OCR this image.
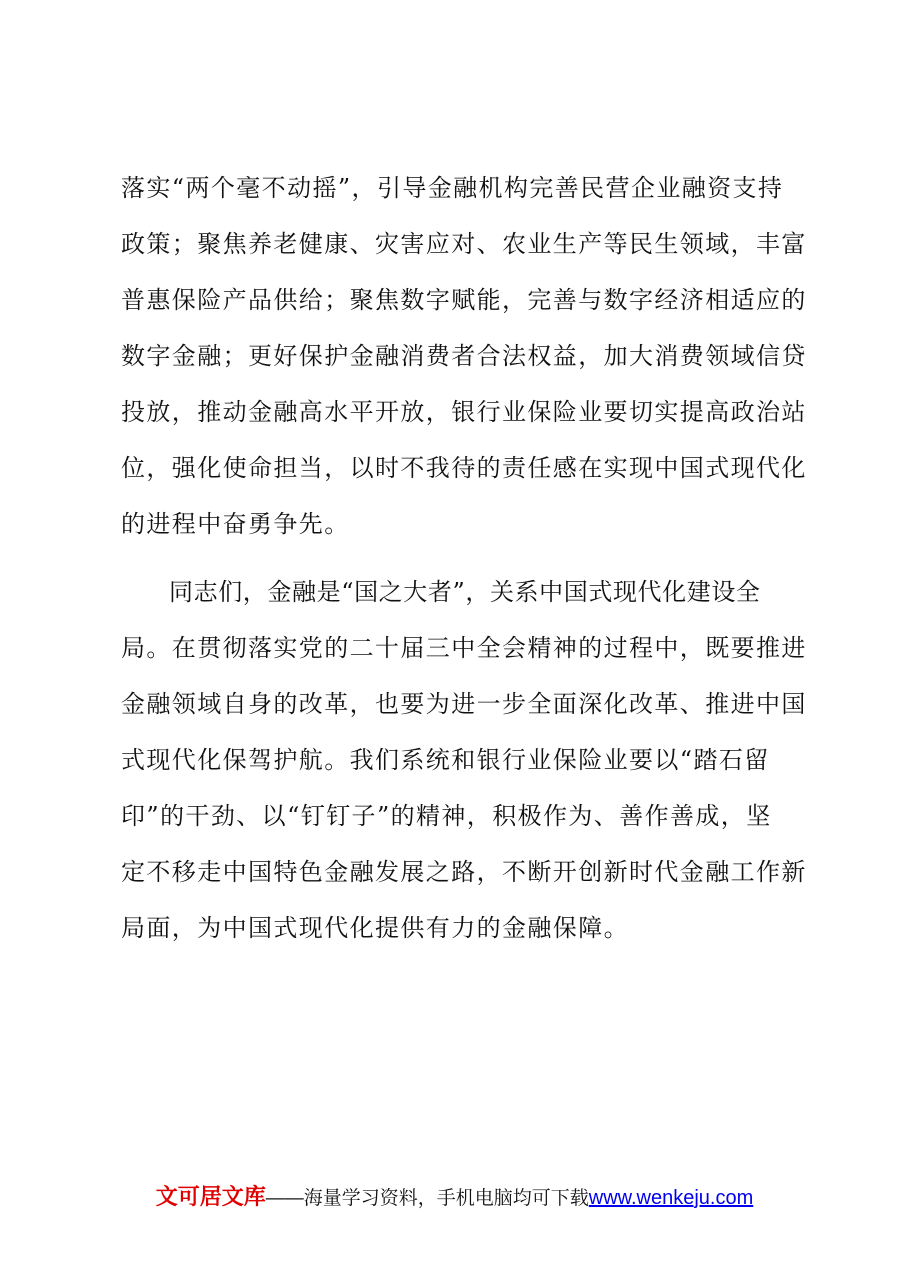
落实“两个毫不动摇”，引导金融机构完善民营企业融资支持
政策；聚焦养老健康、灾害应对、农业生产等民生领域，丰富
普惠保险产品供给；聚焦数字赋能，完善与数字经济相适应的
数字金融；更好保护金融消费者合法权益，加大消费领域信贷
投放，推动金融高水平开放，银行业保险业要切实提高政治站
位，强化使命担当，以时不我待的责任感在实现中国式现代化
的进程中奋勇争先。
同志们，金融是“国之大者”，关系中国式现代化建设全
局。在贯彻落实党的二十届三中全会精神的过程中，既要推进
金融领域自身的改革，也要为进一步全面深化改革、推进中国
式现代化保驾护航。我们系统和银行业保险业要以“踏石留
印”的干劲、以“钉钉子”的精神，积极作为、善作善成，坚
定不移走中国特色金融发展之路，不断开创新时代金融工作新
局面，为中国式现代化提供有力的金融保障。
文可居文库——海量学习资料，手机电脑均可下载www.wenkeju.com
